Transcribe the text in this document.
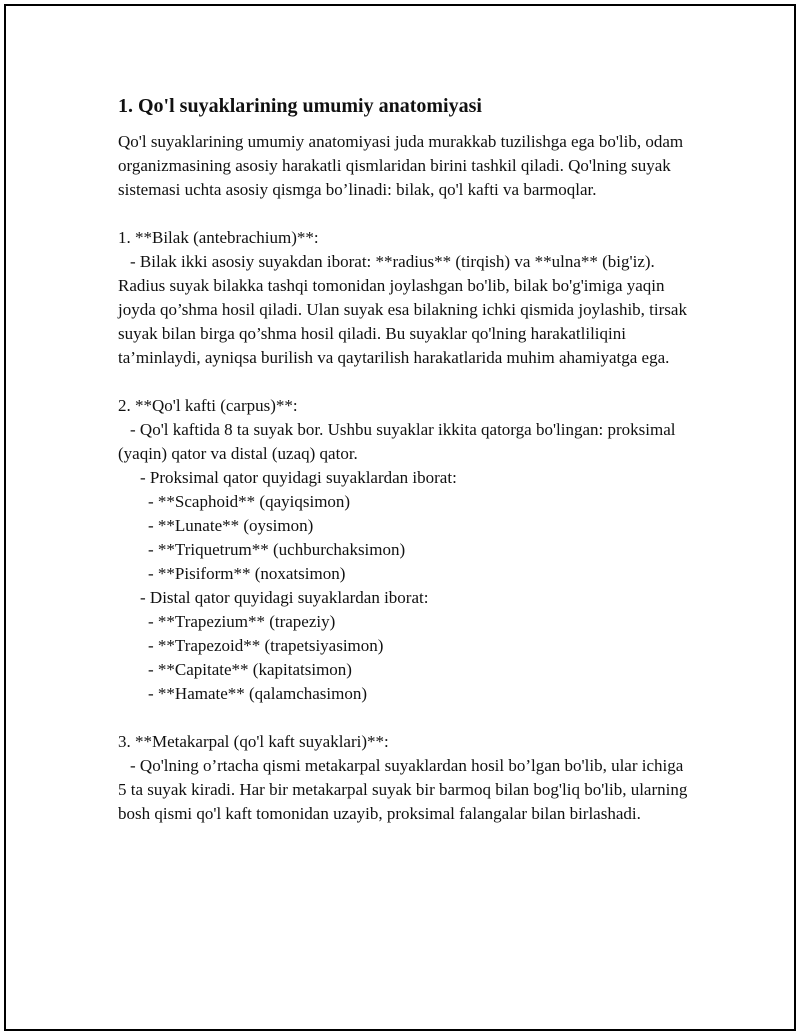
1. Qo'l suyaklarining umumiy anatomiyasi

Qo'l suyaklarining umumiy anatomiyasi juda murakkab tuzilishga ega bo'lib, odam organizmasining asosiy harakatli qismlaridan birini tashkil qiladi. Qo'lning suyak sistemasi uchta asosiy qismga bo’linadi: bilak, qo'l kafti va barmoqlar.

1. **Bilak (antebrachium)**:

- Bilak ikki asosiy suyakdan iborat: **radius** (tirqish) va **ulna** (big'iz). Radius suyak bilakka tashqi tomonidan joylashgan bo'lib, bilak bo'g'imiga yaqin joyda qo’shma hosil qiladi. Ulan suyak esa bilakning ichki qismida joylashib, tirsak suyak bilan birga qo’shma hosil qiladi. Bu suyaklar qo'lning harakatliliqini ta’minlaydi, ayniqsa burilish va qaytarilish harakatlarida muhim ahamiyatga ega.

2. **Qo'l kafti (carpus)**:

- Qo'l kaftida 8 ta suyak bor. Ushbu suyaklar ikkita qatorga bo'lingan: proksimal (yaqin) qator va distal (uzaq) qator.

- Proksimal qator quyidagi suyaklardan iborat:

- **Scaphoid** (qayiqsimon)

- **Lunate** (oysimon)

- **Triquetrum** (uchburchaksimon)

- **Pisiform** (noxatsimon)

- Distal qator quyidagi suyaklardan iborat:

- **Trapezium** (trapeziy)

- **Trapezoid** (trapetsiyasimon)

- **Capitate** (kapitatsimon)

- **Hamate** (qalamchasimon)

3. **Metakarpal (qo'l kaft suyaklari)**:

- Qo'lning o’rtacha qismi metakarpal suyaklardan hosil bo’lgan bo'lib, ular ichiga 5 ta suyak kiradi. Har bir metakarpal suyak bir barmoq bilan bog'liq bo'lib, ularning bosh qismi qo'l kaft tomonidan uzayib, proksimal falangalar bilan birlashadi.
